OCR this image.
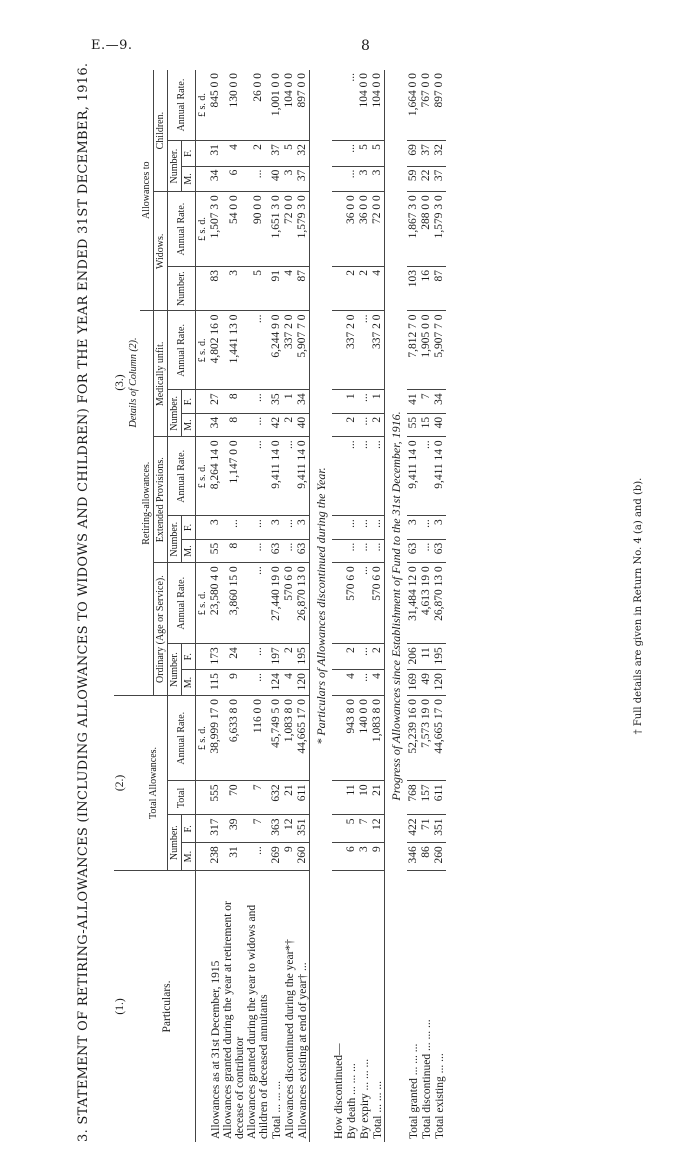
E.—9.	8
3. STATEMENT OF RETIRING-ALLOWANCES (INCLUDING ALLOWANCES TO WIDOWS AND CHILDREN) FOR THE YEAR ENDED 31ST DECEMBER, 1916. (1.)	(2.)				(3.)													
					Details of Column (2).													
Particulars.	Total Allowances.				Retiring-allowances.									Allowances to				
					Ordinary (Age or Service).			Extended Provisions.			Medically unfit.			Widows.		Children.		
	Number.		Total	Annual Rate.	Number.		Annual Rate.	Number.		Annual Rate.	Number.		Annual Rate.	Number.	Annual Rate.	Number.		Annual Rate.
	M.	F.			M.	F.		M.	F.		M.	F.				M.	F.	
				£ s. d.			£ s. d.			£ s. d.			£ s. d.		£ s. d.			£ s. d.
Allowances as at 31st December, 1915	238	317	555	38,999 17 0	115	173	23,580 4 0	55	3	8,264 14 0	34	27	4,802 16 0	83	1,507 3 0	34	31	845 0 0
Allowances granted during the year at retirement or decease of contributor	31	39	70	6,633 8 0	9	24	3,860 15 0	8	...	1,147 0 0	8	8	1,441 13 0	3	54 0 0	6	4	130 0 0
Allowances granted during the year to widows and children of deceased annuitants	...	7	7	116 0 0	...	...	...	...	...	...	...	...	...	5	90 0 0	...	2	26 0 0
Total ... ... ...	269	363	632	45,749 5 0	124	197	27,440 19 0	63	3	9,411 14 0	42	35	6,244 9 0	91	1,651 3 0	40	37	1,001 0 0
Allowances discontinued during the year*†	9	12	21	1,083 8 0	4	2	570 6 0	...	...	...	2	1	337 2 0	4	72 0 0	3	5	104 0 0
Allowances existing at end of year† ...	260	351	611	44,665 17 0	120	195	26,870 13 0	63	3	9,411 14 0	40	34	5,907 7 0	87	1,579 3 0	37	32	897 0 0
* Particulars of Allowances discontinued during the Year.																		
How discontinued—																		
By death ... ... ...	6	5	11	943 8 0	4	2	570 6 0	...	...	...	2	1	337 2 0	2	36 0 0	...	...	...
By expiry ... ... ...	3	7	10	140 0 0	...	...	...	...	...	...	...	...	...	2	36 0 0	3	5	104 0 0
Total ... ... ...	9	12	21	1,083 8 0	4	2	570 6 0	...	...	...	2	1	337 2 0	4	72 0 0	3	5	104 0 0
Progress of Allowances since Establishment of Fund to the 31st December, 1916.																		
Total granted ... ... ...	346	422	768	52,239 16 0	169	206	31,484 12 0	63	3	9,411 14 0	55	41	7,812 7 0	103	1,867 3 0	59	69	1,664 0 0
Total discontinued ... ... ...	86	71	157	7,573 19 0	49	11	4,613 19 0	...	...	...	15	7	1,905 0 0	16	288 0 0	22	37	767 0 0
Total existing ... ...	260	351	611	44,665 17 0	120	195	26,870 13 0	63	3	9,411 14 0	40	34	5,907 7 0	87	1,579 3 0	37	32	897 0 0
† Full details are given in Return No. 4 (a) and (b).
